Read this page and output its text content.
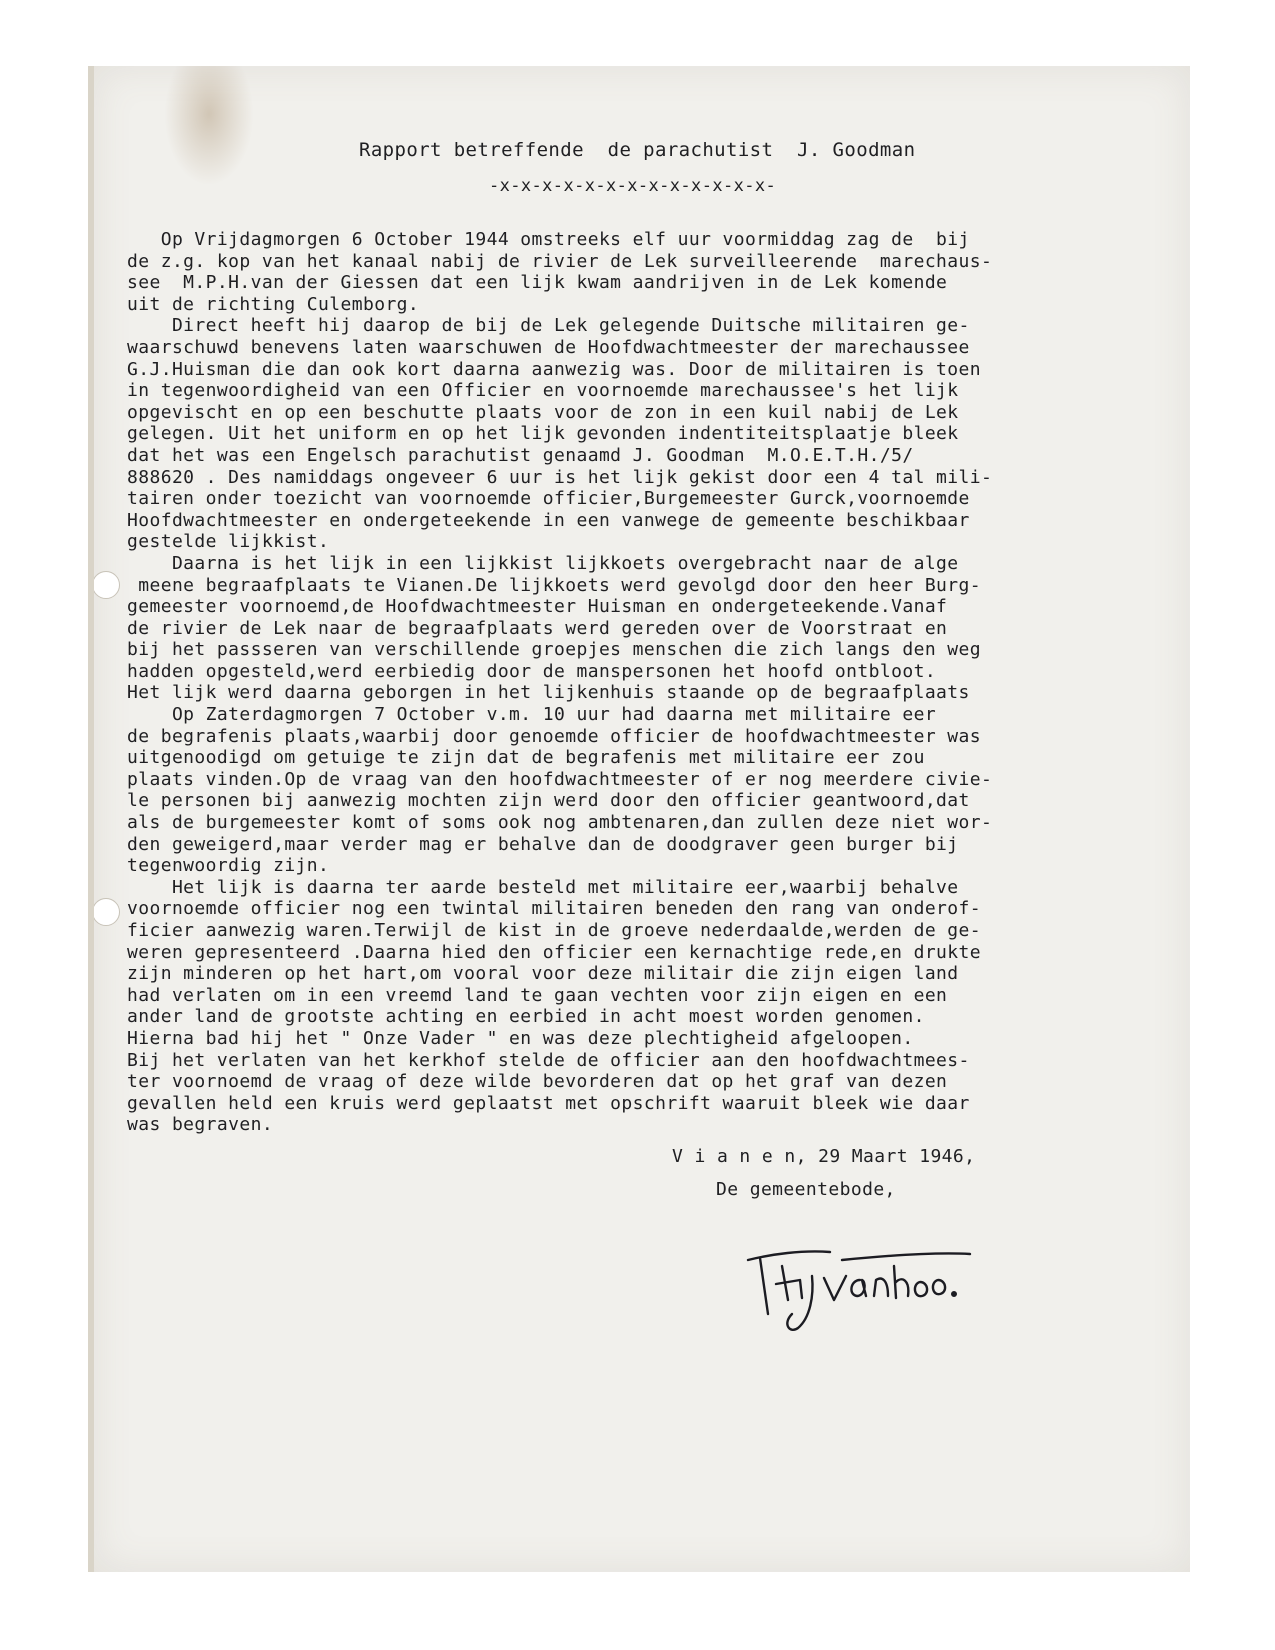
Rapport betreffende  de parachutist  J. Goodman
-x-x-x-x-x-x-x-x-x-x-x-x-x-
Op Vrijdagmorgen 6 October 1944 omstreeks elf uur voormiddag zag de  bij
de z.g. kop van het kanaal nabij de rivier de Lek surveilleerende  marechaus-
see  M.P.H.van der Giessen dat een lijk kwam aandrijven in de Lek komende
uit de richting Culemborg.
Direct heeft hij daarop de bij de Lek gelegende Duitsche militairen ge-
waarschuwd benevens laten waarschuwen de Hoofdwachtmeester der marechaussee
G.J.Huisman die dan ook kort daarna aanwezig was. Door de militairen is toen
in tegenwoordigheid van een Officier en voornoemde marechaussee's het lijk
opgevischt en op een beschutte plaats voor de zon in een kuil nabij de Lek
gelegen. Uit het uniform en op het lijk gevonden indentiteitsplaatje bleek
dat het was een Engelsch parachutist genaamd J. Goodman  M.O.E.T.H./5/
888620 . Des namiddags ongeveer 6 uur is het lijk gekist door een 4 tal mili-
tairen onder toezicht van voornoemde officier,Burgemeester Gurck,voornoemde
Hoofdwachtmeester en ondergeteekende in een vanwege de gemeente beschikbaar
gestelde lijkkist.
Daarna is het lijk in een lijkkist lijkkoets overgebracht naar de alge
meene begraafplaats te Vianen.De lijkkoets werd gevolgd door den heer Burg-
gemeester voornoemd,de Hoofdwachtmeester Huisman en ondergeteekende.Vanaf
de rivier de Lek naar de begraafplaats werd gereden over de Voorstraat en
bij het passseren van verschillende groepjes menschen die zich langs den weg
hadden opgesteld,werd eerbiedig door de manspersonen het hoofd ontbloot.
Het lijk werd daarna geborgen in het lijkenhuis staande op de begraafplaats
Op Zaterdagmorgen 7 October v.m. 10 uur had daarna met militaire eer
de begrafenis plaats,waarbij door genoemde officier de hoofdwachtmeester was
uitgenoodigd om getuige te zijn dat de begrafenis met militaire eer zou
plaats vinden.Op de vraag van den hoofdwachtmeester of er nog meerdere civie-
le personen bij aanwezig mochten zijn werd door den officier geantwoord,dat
als de burgemeester komt of soms ook nog ambtenaren,dan zullen deze niet wor-
den geweigerd,maar verder mag er behalve dan de doodgraver geen burger bij
tegenwoordig zijn.
Het lijk is daarna ter aarde besteld met militaire eer,waarbij behalve
voornoemde officier nog een twintal militairen beneden den rang van onderof-
ficier aanwezig waren.Terwijl de kist in de groeve nederdaalde,werden de ge-
weren gepresenteerd .Daarna hied den officier een kernachtige rede,en drukte
zijn minderen op het hart,om vooral voor deze militair die zijn eigen land
had verlaten om in een vreemd land te gaan vechten voor zijn eigen en een
ander land de grootste achting en eerbied in acht moest worden genomen.
Hierna bad hij het " Onze Vader " en was deze plechtigheid afgeloopen.
Bij het verlaten van het kerkhof stelde de officier aan den hoofdwachtmees-
ter voornoemd de vraag of deze wilde bevorderen dat op het graf van dezen
gevallen held een kruis werd geplaatst met opschrift waaruit bleek wie daar
was begraven.
V i a n e n, 29 Maart 1946,
De gemeentebode,
